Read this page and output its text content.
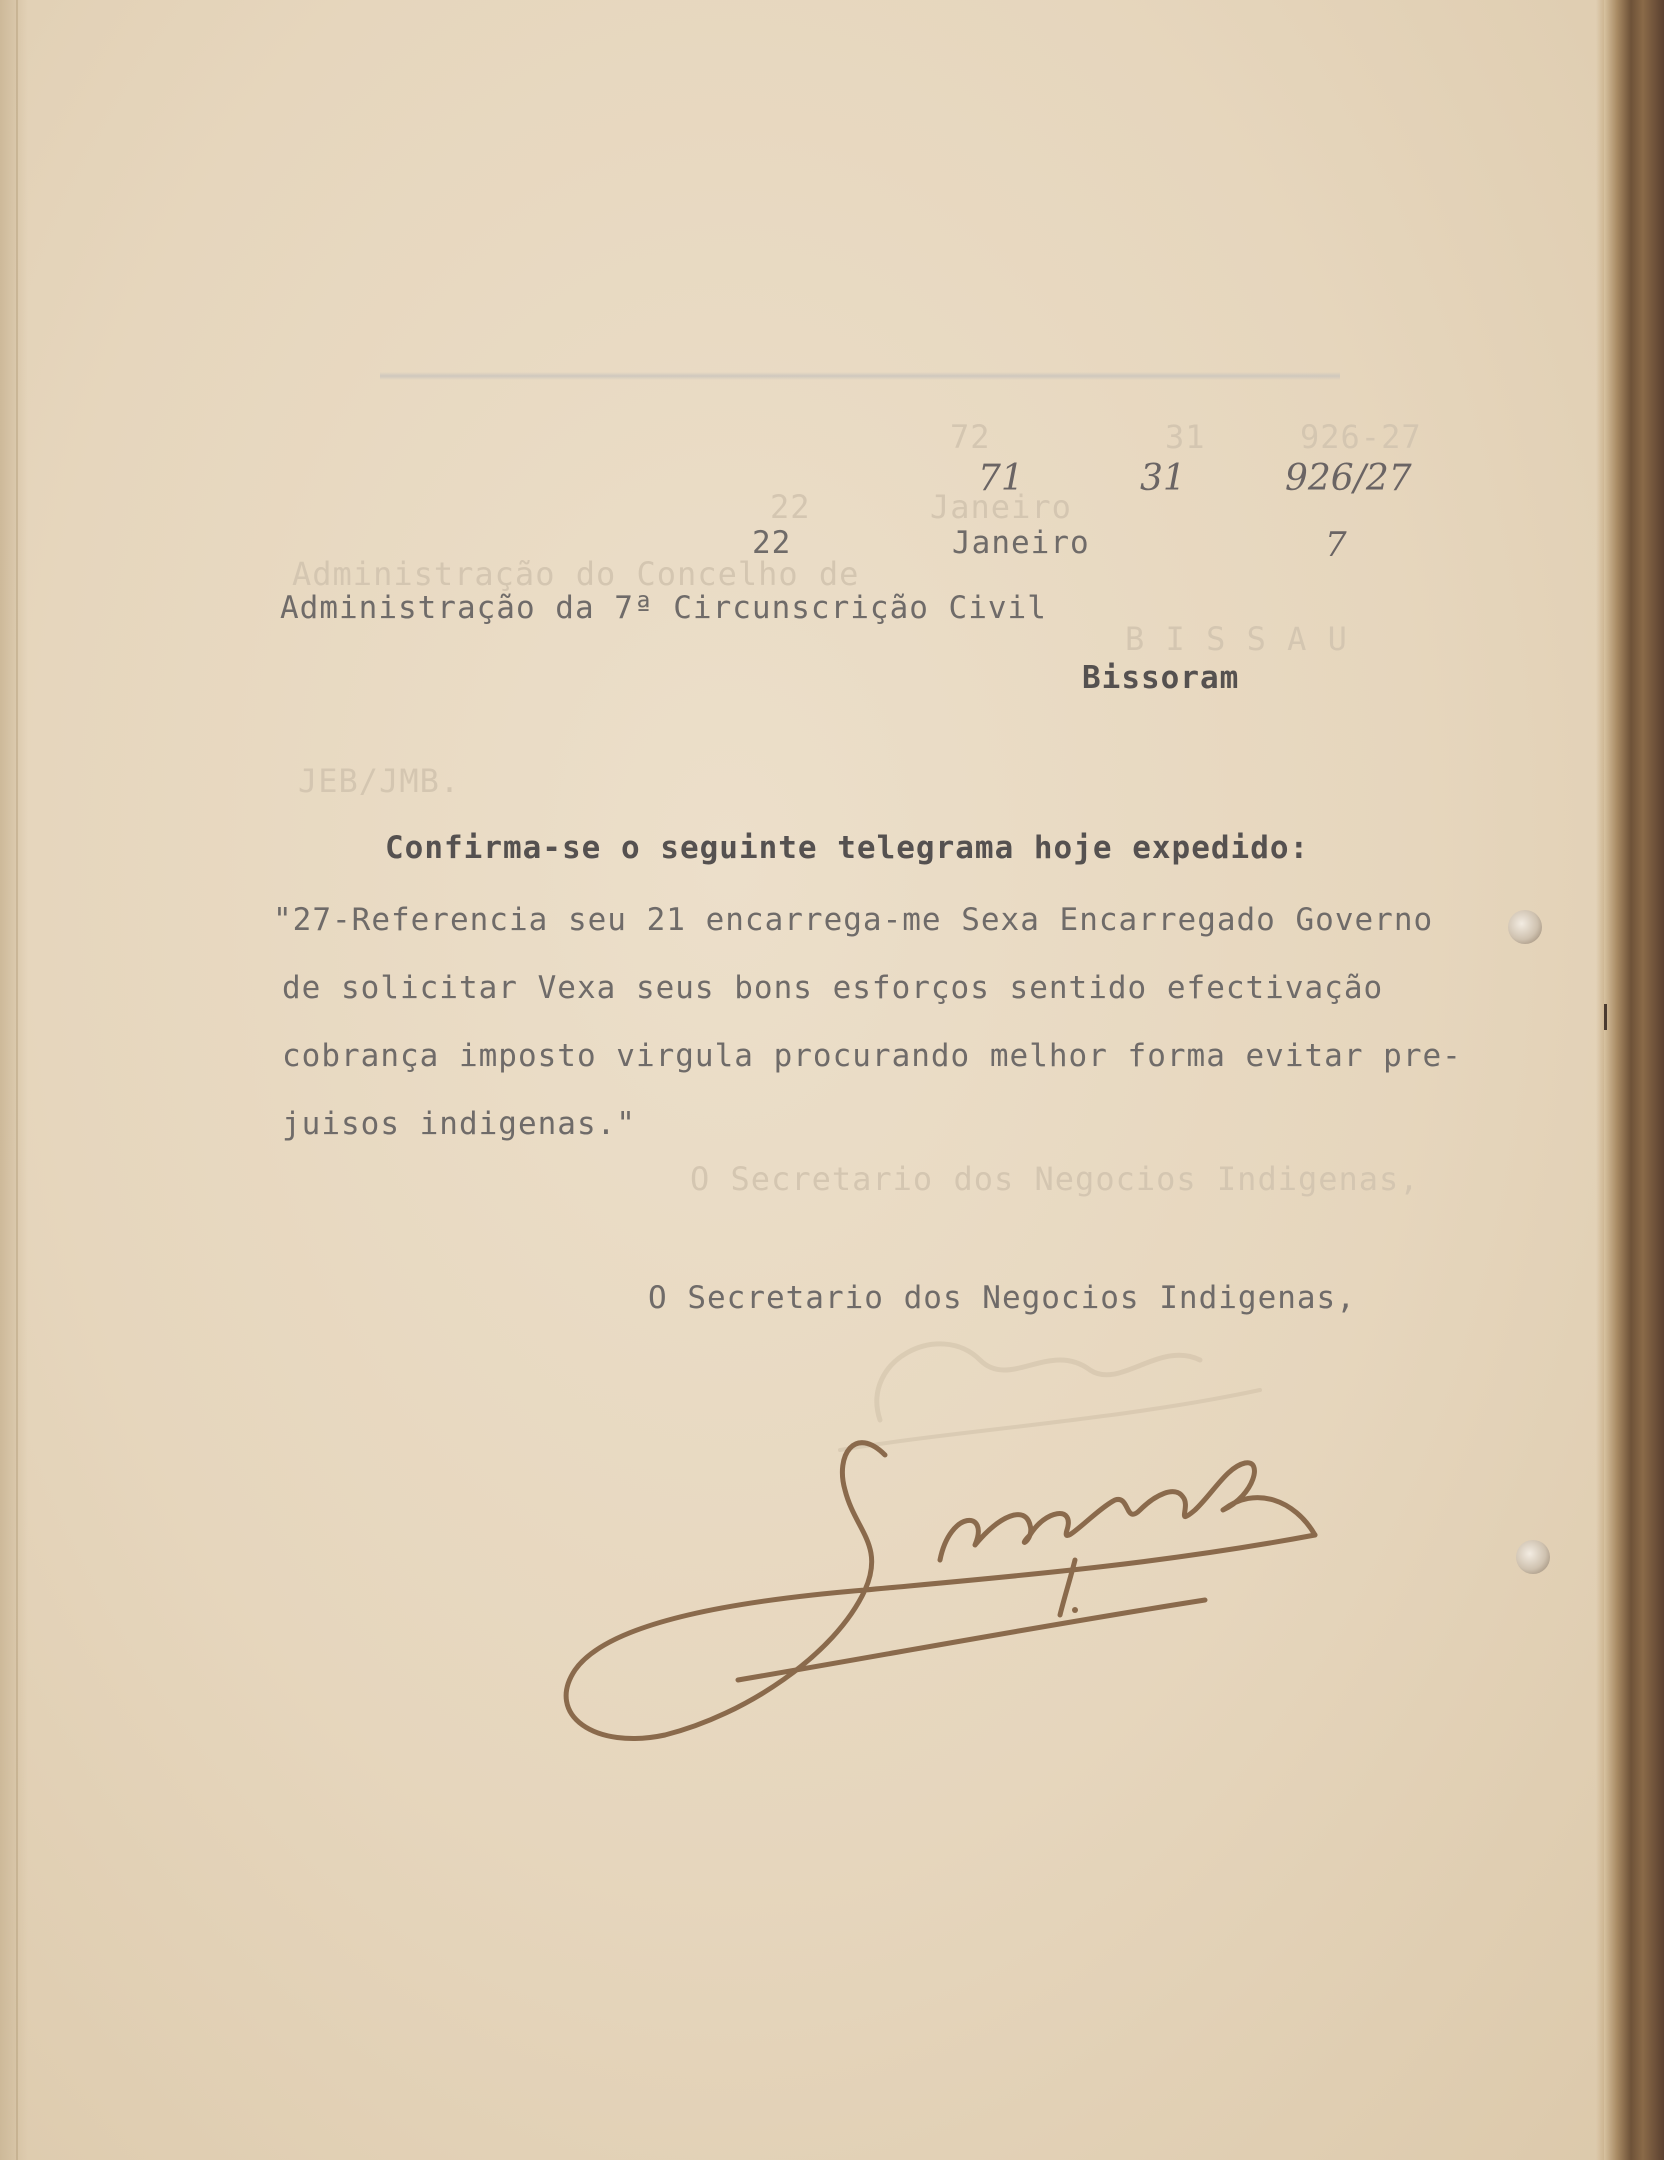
72	31	926-27
22	Janeiro
Administração do Concelho de
B I S S A U
JEB/JMB.
O Secretario dos Negocios Indigenas,
71	31	926/27
22	Janeiro	7
Administração da 7ª Circunscrição Civil
Bissoram
Confirma-se o seguinte telegrama hoje expedido:
"27-Referencia seu 21 encarrega-me Sexa Encarregado Governo
de solicitar Vexa seus bons esforços sentido efectivação
cobrança imposto virgula procurando melhor forma evitar pre-
juisos indigenas."
O Secretario dos Negocios Indigenas,
